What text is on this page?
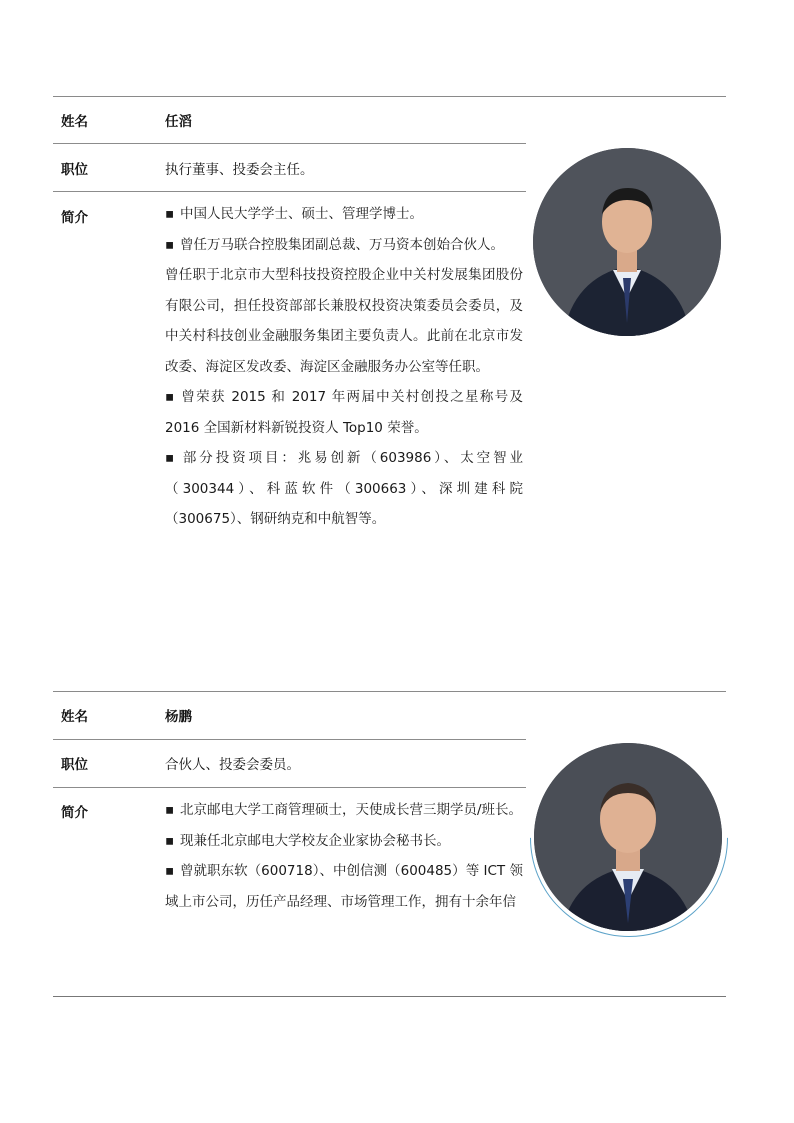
姓名	任滔
职位	执行董事、投委会主任。
简介	▪ 中国人民大学学士、硕士、管理学博士。

▪ 曾任万马联合控股集团副总裁、万马资本创始合伙人。

曾任职于北京市大型科技投资控股企业中关村发展集团股份有限公司，担任投资部部长兼股权投资决策委员会委员，及中关村科技创业金融服务集团主要负责人。此前在北京市发改委、海淀区发改委、海淀区金融服务办公室等任职。

▪ 曾荣获 2015 和 2017 年两届中关村创投之星称号及 2016 全国新材料新锐投资人 Top10 荣誉。

▪ 部分投资项目：兆易创新（603986）、太空智业（300344）、科蓝软件（300663）、深圳建科院（300675）、钢研纳克和中航智等。

姓名	杨鹏
职位	合伙人、投委会委员。
简介	▪ 北京邮电大学工商管理硕士，天使成长营三期学员/班长。

▪ 现兼任北京邮电大学校友企业家协会秘书长。

▪ 曾就职东软（600718）、中创信测（600485）等 ICT 领域上市公司，历任产品经理、市场管理工作，拥有十余年信
